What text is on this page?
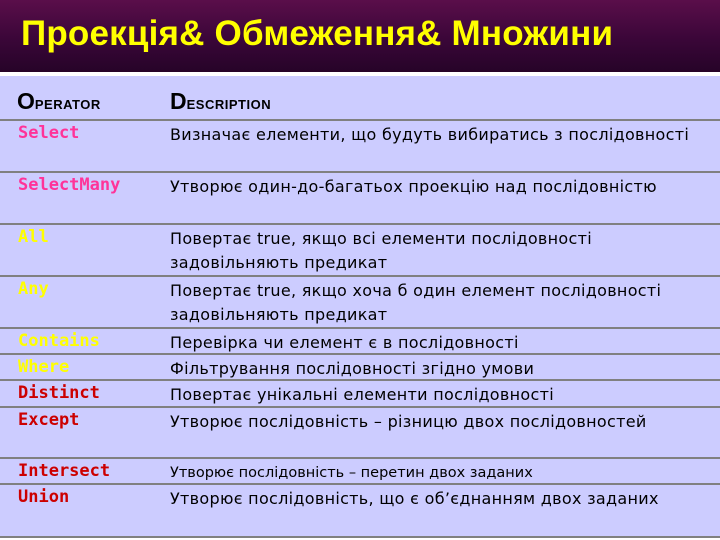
Проекція& Обмеження& Множини
OPERATOR	DESCRIPTION
Select	Визначає елементи, що будуть вибиратись з послідовності
SelectMany	Утворює один-до-багатьох проекцію над послідовністю
All	Повертає true, якщо всі елементи послідовності задовільняють предикат
Any	Повертає true, якщо хоча б один елемент послідовності задовільняють предикат
Contains	Перевірка чи елемент є в послідовності
Where	Фільтрування послідовності згідно умови
Distinct	Повертає унікальні елементи послідовності
Except	Утворює послідовність – різницю двох послідовностей
Intersect	Утворює послідовність – перетин двох заданих
Union	Утворює послідовність, що є об’єднанням двох заданих
